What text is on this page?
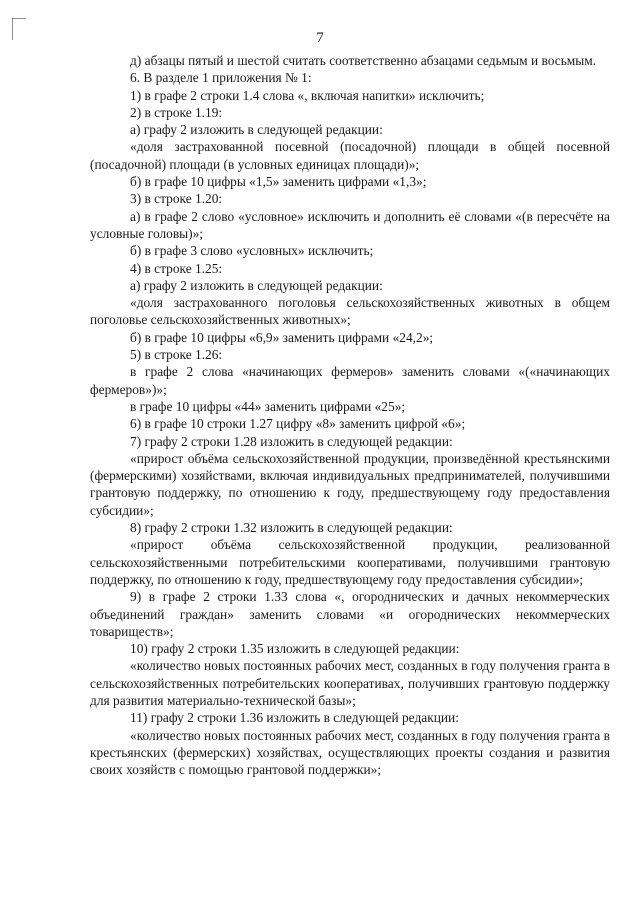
7

д) абзацы пятый и шестой считать соответственно абзацами седьмым и восьмым.

6. В разделе 1 приложения № 1:

1) в графе 2 строки 1.4 слова «, включая напитки» исключить;

2) в строке 1.19:

а) графу 2 изложить в следующей редакции:

«доля застрахованной посевной (посадочной) площади в общей посевной (посадочной) площади (в условных единицах площади)»;

б) в графе 10 цифры «1,5» заменить цифрами «1,3»;

3) в строке 1.20:

а) в графе 2 слово «условное» исключить и дополнить её словами «(в пересчёте на условные головы)»;

б) в графе 3 слово «условных» исключить;

4) в строке 1.25:

а) графу 2 изложить в следующей редакции:

«доля застрахованного поголовья сельскохозяйственных животных в общем поголовье сельскохозяйственных животных»;

б) в графе 10 цифры «6,9» заменить цифрами «24,2»;

5) в строке 1.26:

в графе 2 слова «начинающих фермеров» заменить словами «(«начинающих фермеров»)»;

в графе 10 цифры «44» заменить цифрами «25»;

6) в графе 10 строки 1.27 цифру «8» заменить цифрой «6»;

7) графу 2 строки 1.28 изложить в следующей редакции:

«прирост объёма сельскохозяйственной продукции, произведённой крестьянскими (фермерскими) хозяйствами, включая индивидуальных предпринимателей, получившими грантовую поддержку, по отношению к году, предшествующему году предоставления субсидии»;

8) графу 2 строки 1.32 изложить в следующей редакции:

«прирост объёма сельскохозяйственной продукции, реализованной сельскохозяйственными потребительскими кооперативами, получившими грантовую поддержку, по отношению к году, предшествующему году предоставления субсидии»;

9) в графе 2 строки 1.33 слова «, огороднических и дачных некоммерческих объединений граждан» заменить словами «и огороднических некоммерческих товариществ»;

10) графу 2 строки 1.35 изложить в следующей редакции:

«количество новых постоянных рабочих мест, созданных в году получения гранта в сельскохозяйственных потребительских кооперативах, получивших грантовую поддержку для развития материально-технической базы»;

11) графу 2 строки 1.36 изложить в следующей редакции:

«количество новых постоянных рабочих мест, созданных в году получения гранта в крестьянских (фермерских) хозяйствах, осуществляющих проекты создания и развития своих хозяйств с помощью грантовой поддержки»;
